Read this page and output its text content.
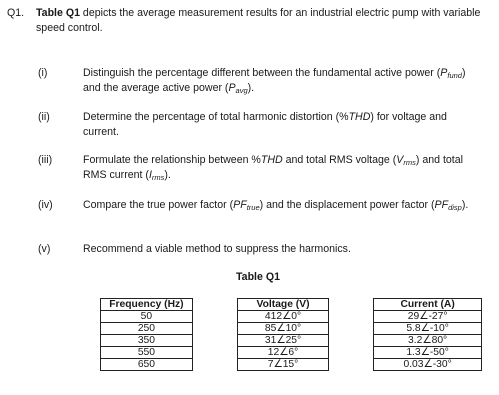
Q1. Table Q1 depicts the average measurement results for an industrial electric pump with variable speed control.
(i)	Distinguish the percentage different between the fundamental active power $(P_{fund})$ and the average active power $(P_{avg})$.
(ii)	Determine the percentage of total harmonic distortion (%THD) for voltage and current.
(iii)	Formulate the relationship between %THD and total RMS voltage $(V_{rms})$ and total RMS current $(I_{rms})$.
(iv)	Compare the true power factor $(PF_{true})$ and the displacement power factor $(PF_{disp})$.
(v)	Recommend a viable method to suppress the harmonics.
Table Q1
Frequency (Hz)		Voltage (V)		Current (A)
50		412∠0°		29∠-27°
250		85∠10°		5.8∠-10°
350		31∠25°		3.2∠80°
550		12∠6°		1.3∠-50°
650		7∠15°		0.03∠-30°
